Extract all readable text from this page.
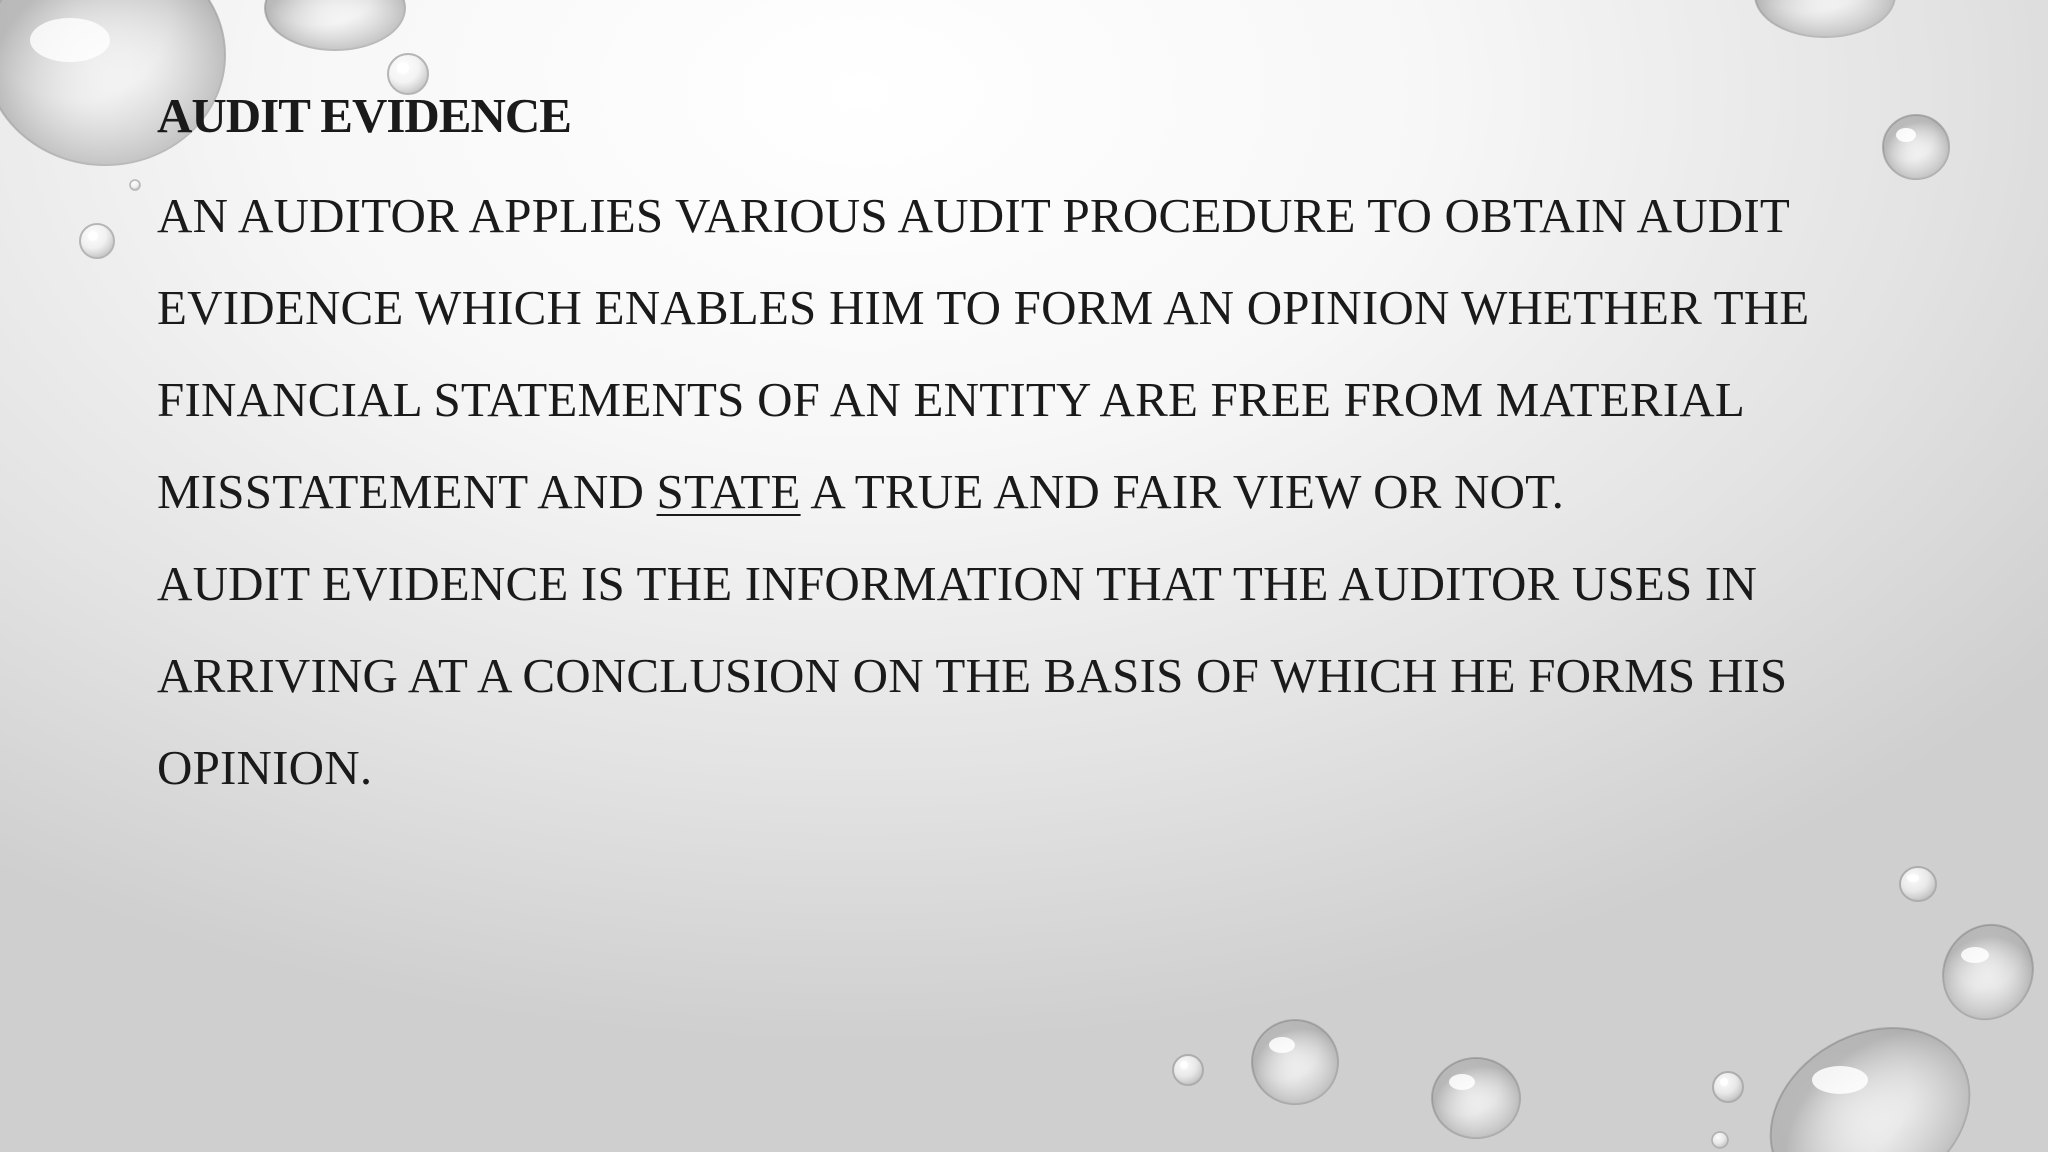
AUDIT EVIDENCE
AN AUDITOR APPLIES VARIOUS AUDIT PROCEDURE TO OBTAIN AUDIT
EVIDENCE WHICH ENABLES HIM TO FORM AN OPINION WHETHER THE
FINANCIAL STATEMENTS OF AN ENTITY ARE FREE FROM MATERIAL
MISSTATEMENT AND STATE A TRUE AND FAIR VIEW OR NOT.
AUDIT EVIDENCE IS THE INFORMATION THAT THE AUDITOR USES IN
ARRIVING AT A CONCLUSION ON THE BASIS OF WHICH HE FORMS HIS
OPINION.
